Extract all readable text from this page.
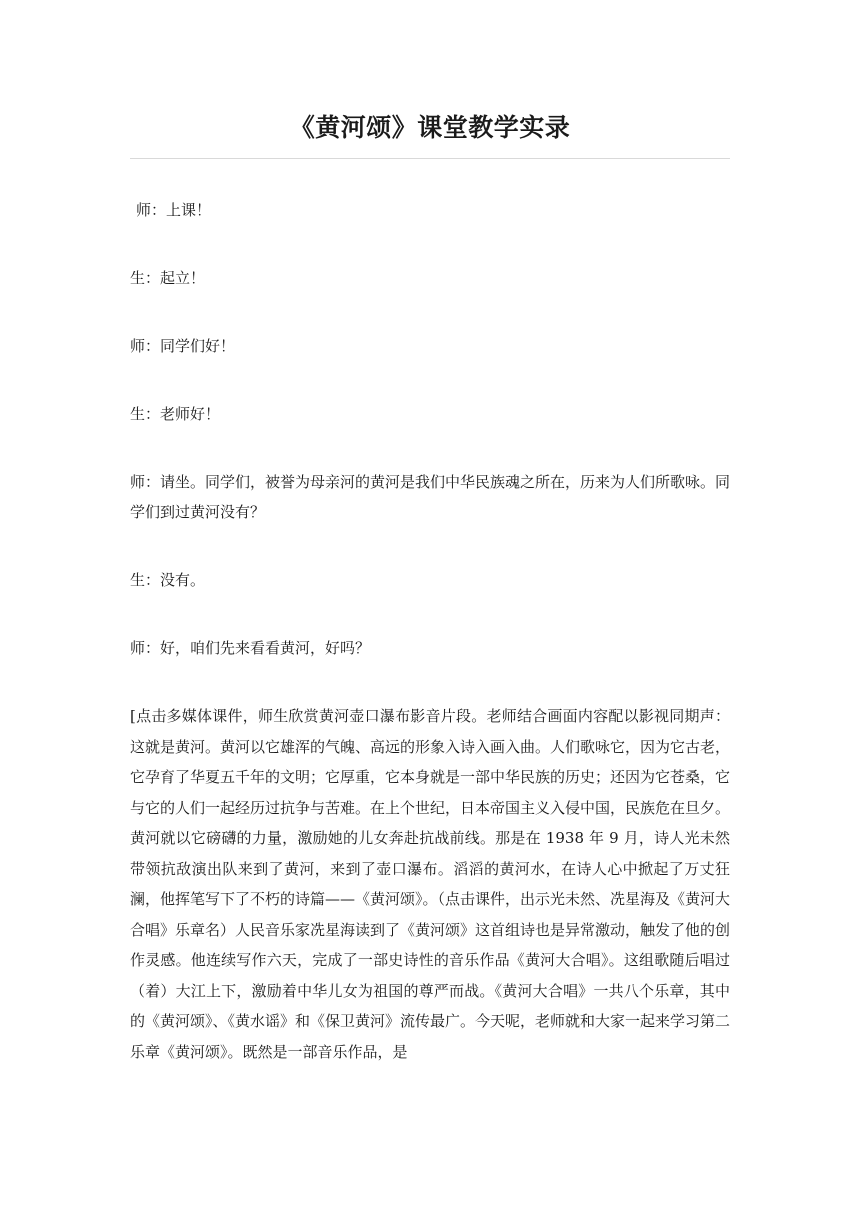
《黄河颂》课堂教学实录

师：上课！

生：起立！

师：同学们好！

生：老师好！

师：请坐。同学们，被誉为母亲河的黄河是我们中华民族魂之所在，历来为人们所歌咏。同学们到过黄河没有？

生：没有。

师：好，咱们先来看看黄河，好吗？

[点击多媒体课件，师生欣赏黄河壶口瀑布影音片段。老师结合画面内容配以影视同期声：这就是黄河。黄河以它雄浑的气魄、高远的形象入诗入画入曲。人们歌咏它，因为它古老，它孕育了华夏五千年的文明；它厚重，它本身就是一部中华民族的历史；还因为它苍桑，它与它的人们一起经历过抗争与苦难。在上个世纪，日本帝国主义入侵中国，民族危在旦夕。黄河就以它磅礴的力量，激励她的儿女奔赴抗战前线。那是在 1938 年 9 月，诗人光未然带领抗敌演出队来到了黄河，来到了壶口瀑布。滔滔的黄河水，在诗人心中掀起了万丈狂澜，他挥笔写下了不朽的诗篇——《黄河颂》。（点击课件，出示光未然、冼星海及《黄河大合唱》乐章名）人民音乐家冼星海读到了《黄河颂》这首组诗也是异常激动，触发了他的创作灵感。他连续写作六天，完成了一部史诗性的音乐作品《黄河大合唱》。这组歌随后唱过（着）大江上下，激励着中华儿女为祖国的尊严而战。《黄河大合唱》一共八个乐章，其中的《黄河颂》、《黄水谣》和《保卫黄河》流传最广。今天呢，老师就和大家一起来学习第二乐章《黄河颂》。既然是一部音乐作品，是
